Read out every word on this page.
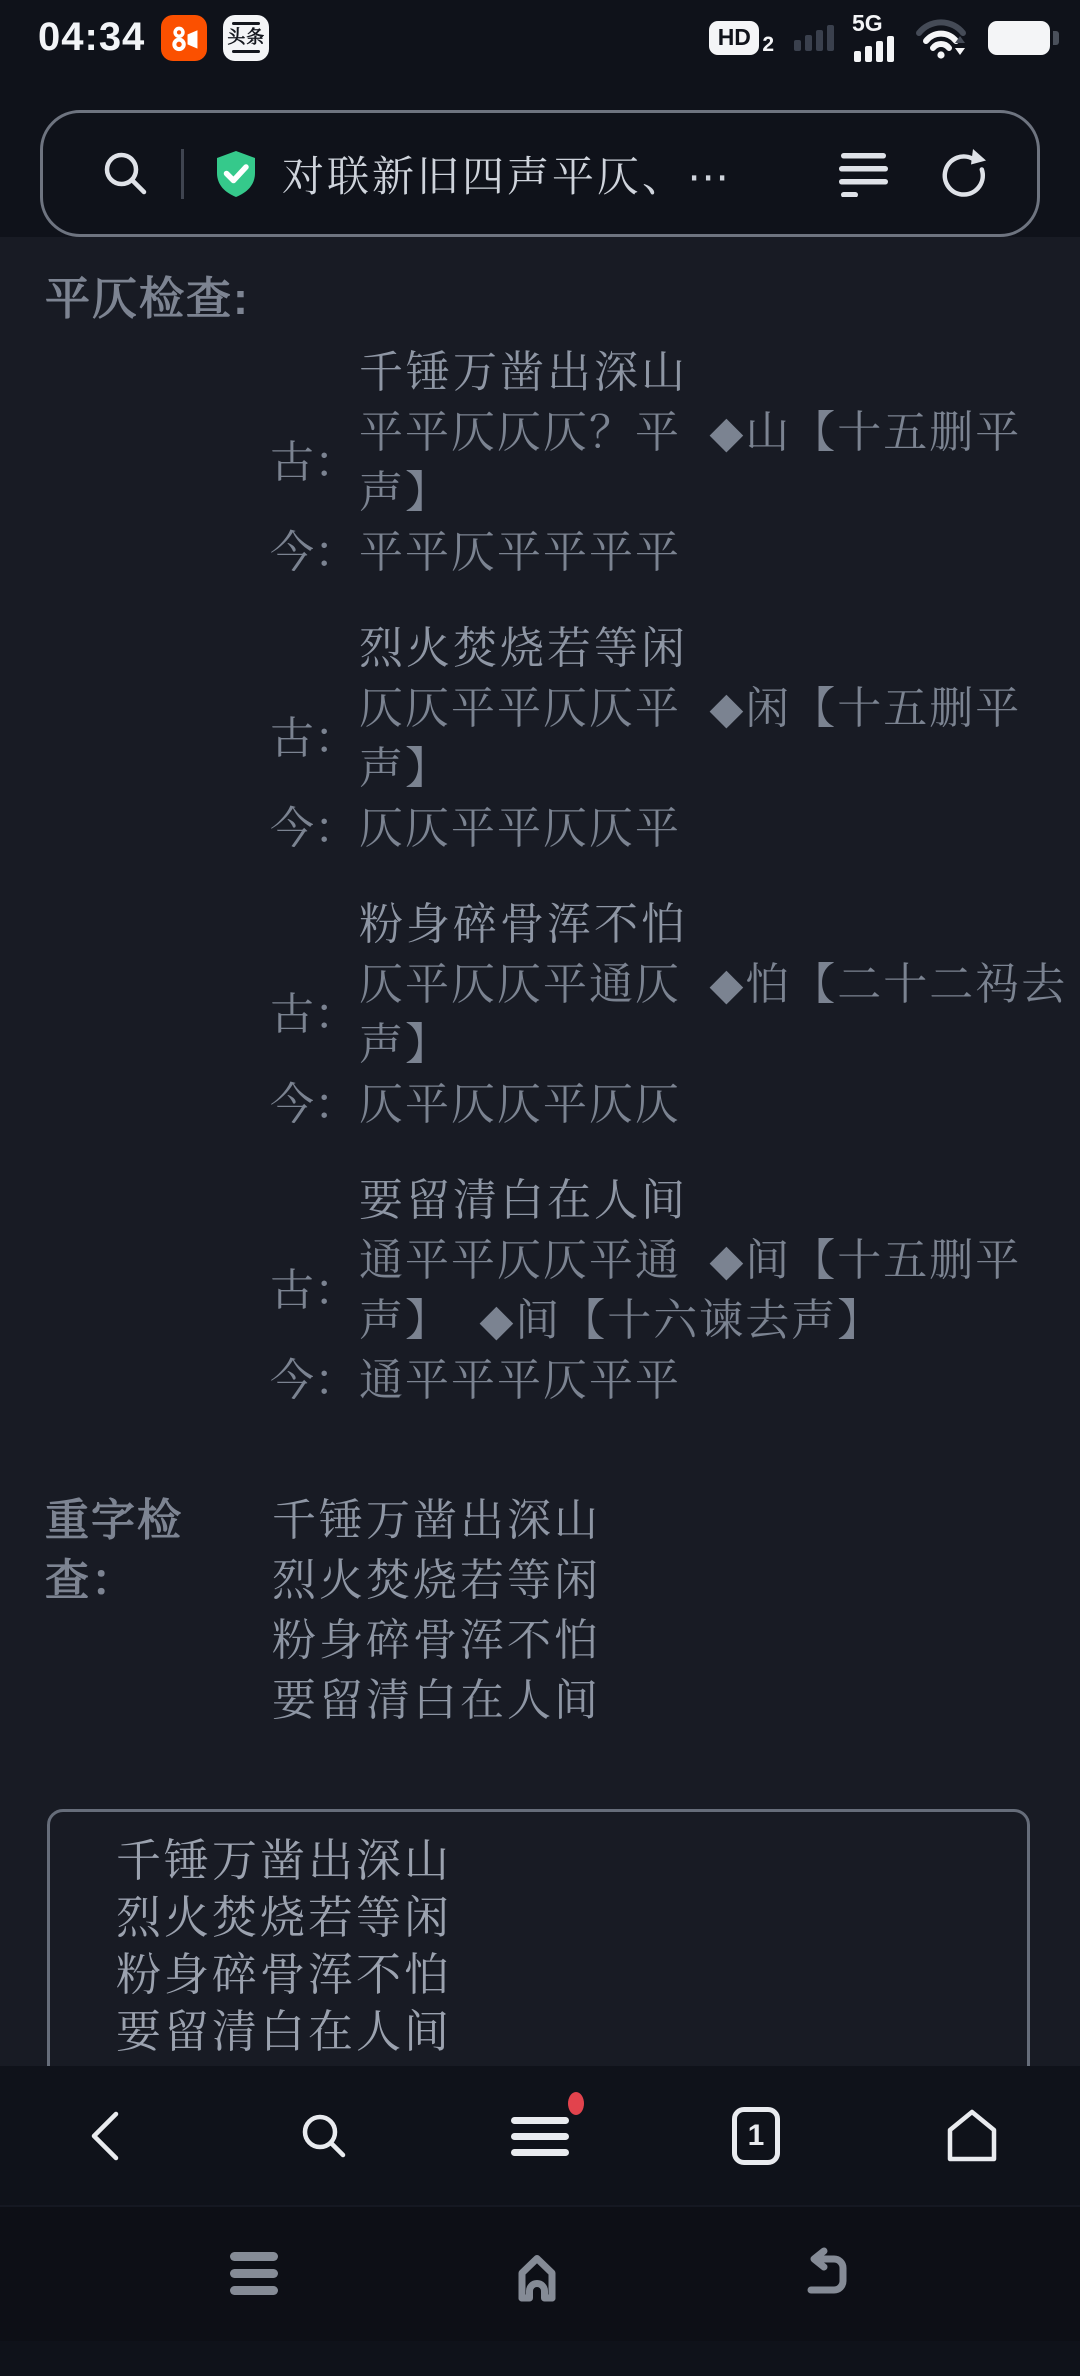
04:34	头条	HD 2
5G
对联新旧四声平仄、⋯
平仄检查:
千锤万凿出深山
古：
平平仄仄仄？平  ◆山【十五删平
声】
今： 平平仄平平平平
烈火焚烧若等闲
古：
仄仄平平仄仄平  ◆闲【十五删平
声】
今： 仄仄平平仄仄平
粉身碎骨浑不怕
古：
仄平仄仄平通仄  ◆怕【二十二祃去
声】
今： 仄平仄仄平仄仄
要留清白在人间
古：
通平平仄仄平通  ◆间【十五删平
声】  ◆间【十六谏去声】
今： 通平平平仄平平
重字检查：
千锤万凿出深山
烈火焚烧若等闲
粉身碎骨浑不怕
要留清白在人间
千锤万凿出深山
烈火焚烧若等闲
粉身碎骨浑不怕
要留清白在人间
1
